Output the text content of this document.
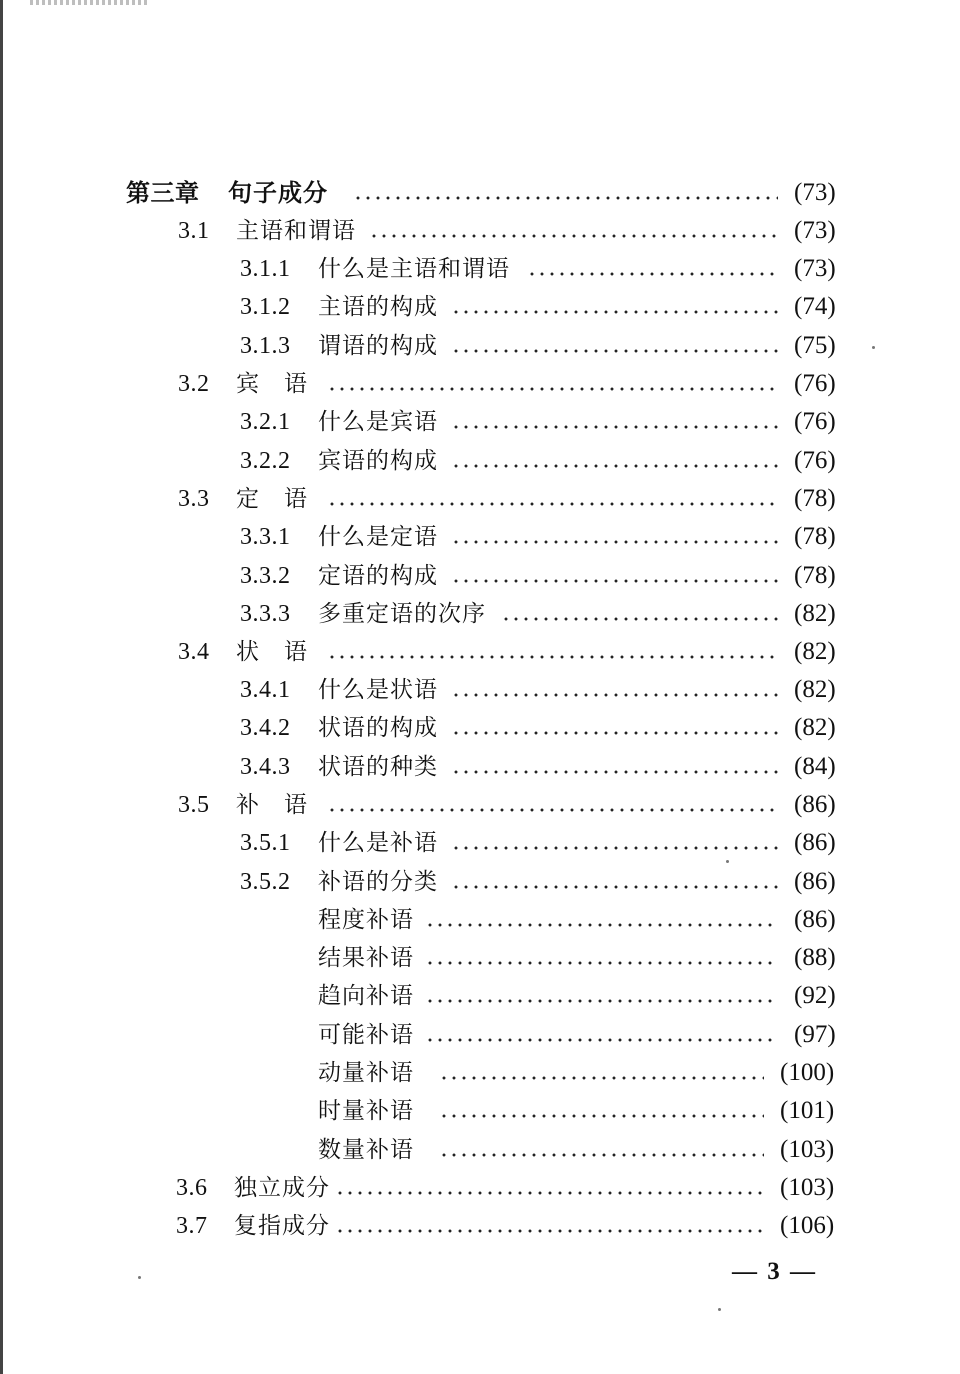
第三章 句子成分	(73)
3.1 主语和谓语	(73)
3.1.1 什么是主语和谓语	(73)
3.1.2 主语的构成	(74)
3.1.3 谓语的构成	(75)
3.2 宾　语	(76)
3.2.1 什么是宾语	(76)
3.2.2 宾语的构成	(76)
3.3 定　语	(78)
3.3.1 什么是定语	(78)
3.3.2 定语的构成	(78)
3.3.3 多重定语的次序	(82)
3.4 状　语	(82)
3.4.1 什么是状语	(82)
3.4.2 状语的构成	(82)
3.4.3 状语的种类	(84)
3.5 补　语	(86)
3.5.1 什么是补语	(86)
3.5.2 补语的分类	(86)
程度补语	(86)
结果补语	(88)
趋向补语	(92)
可能补语	(97)
动量补语	(100)
时量补语	(101)
数量补语	(103)
3.6 独立成分	(103)
3.7 复指成分	(106)
— 3 —
